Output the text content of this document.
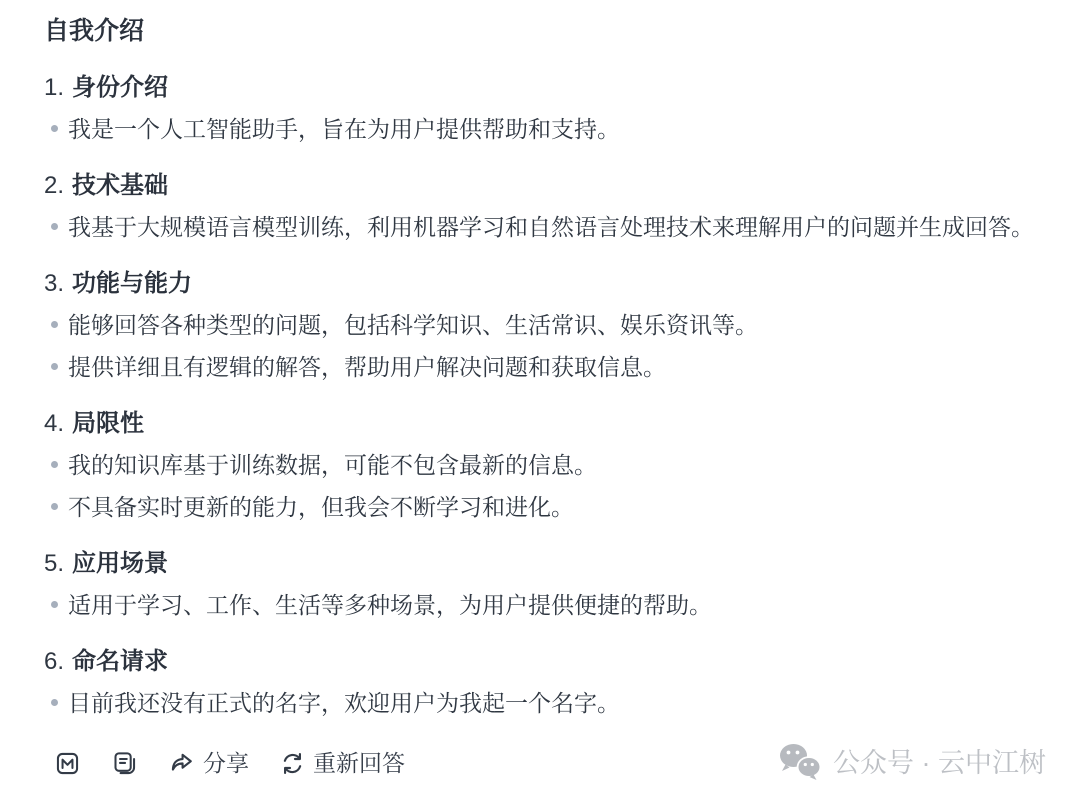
自我介绍
1. 身份介绍
我是一个人工智能助手，旨在为用户提供帮助和支持。
2. 技术基础
我基于大规模语言模型训练，利用机器学习和自然语言处理技术来理解用户的问题并生成回答。
3. 功能与能力
能够回答各种类型的问题，包括科学知识、生活常识、娱乐资讯等。
提供详细且有逻辑的解答，帮助用户解决问题和获取信息。
4. 局限性
我的知识库基于训练数据，可能不包含最新的信息。
不具备实时更新的能力，但我会不断学习和进化。
5. 应用场景
适用于学习、工作、生活等多种场景，为用户提供便捷的帮助。
6. 命名请求
目前我还没有正式的名字，欢迎用户为我起一个名字。
分享	重新回答	公众号 · 云中江树
